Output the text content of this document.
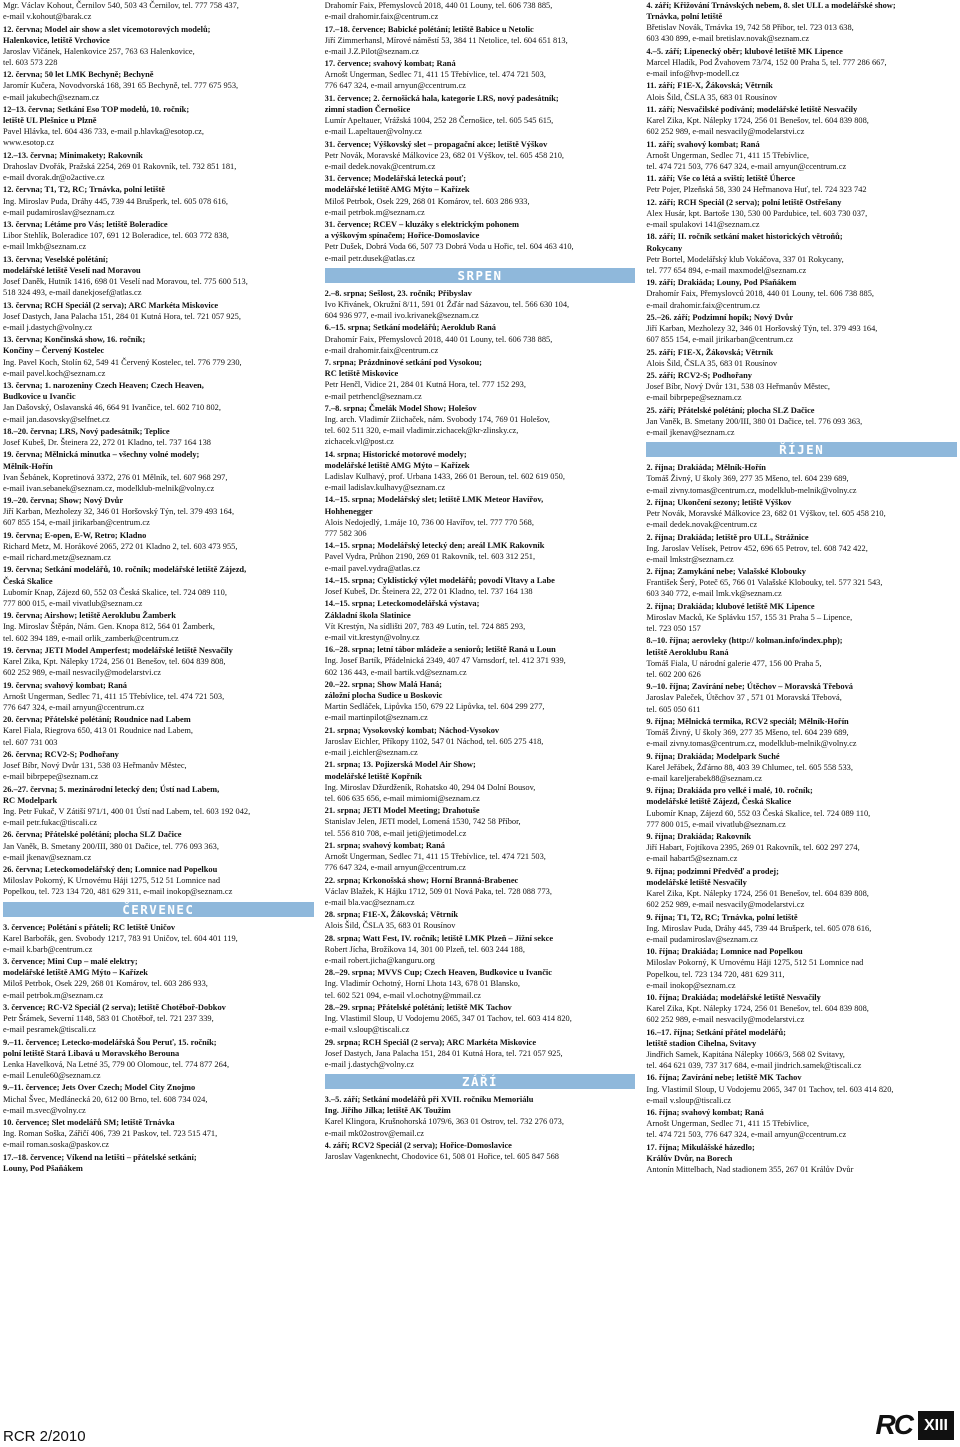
Mgr. Václav Kohout, Černilov 540, 503 43 Černilov, tel. 777 758 437,
e-mail v.kohout@barak.cz
12. června; Model air show a slet vícemotorových modelů;
Halenkovice, letiště Vrchovice
Jaroslav Vičánek, Halenkovice 257, 763 63 Halenkovice,
tel. 603 573 228
12. června; 50 let LMK Bechyně; Bechyně
Jaromír Kučera, Novodvorská 168, 391 65 Bechyně, tel. 777 675 953,
e-mail jakubech@seznam.cz
12–13. června; Setkání Eso TOP modelů, 10. ročník;
letiště UL Plešnice u Plzně
Pavel Hlávka, tel. 604 436 733, e-mail p.hlavka@esotop.cz,
www.esotop.cz
12.–13. června; Minimakety; Rakovník
Drahoslav Dvořák, Pražská 2254, 269 01 Rakovník, tel. 732 851 181,
e-mail dvorak.dr@o2active.cz
12. června; T1, T2, RC; Trnávka, polní letiště
Ing. Miroslav Puda, Dráhy 445, 739 44 Brušperk, tel. 605 078 616,
e-mail pudamiroslav@seznam.cz
13. června; Létáme pro Vás; letiště Boleradice
Libor Stehlík, Boleradice 107, 691 12 Boleradice, tel. 603 772 838,
e-mail lmkb@seznam.cz
13. června; Veselské polétání;
modelářské letiště Veselí nad Moravou
Josef Daněk, Hutník 1416, 698 01 Veselí nad Moravou, tel. 775 600 513,
518 324 493, e-mail danekjosef@atlas.cz
13. června; RCH Speciál (2 serva); ARC Markéta Miskovice
Josef Dastych, Jana Palacha 151, 284 01 Kutná Hora, tel. 721 057 925,
e-mail j.dastych@volny.cz
13. června; Končinská show, 16. ročník;
Končiny – Červený Kostelec
Ing. Pavel Koch, Stolín 62, 549 41 Červený Kostelec, tel. 776 779 230,
e-mail pavel.koch@seznam.cz
13. června; 1. narozeniny Czech Heaven; Czech Heaven,
Budkovice u Ivančic
Jan Dašovský, Oslavanská 46, 664 91 Ivančice, tel. 602 710 802,
e-mail jan.dasovsky@selfnet.cz
18.–20. června; LRS, Nový padesátník; Teplice
Josef Kubeš, Dr. Šteinera 22, 272 01 Kladno, tel. 737 164 138
19. června; Mělnická minutka – všechny volné modely;
Mělník-Hořín
Ivan Šebánek, Kopretinová 3372, 276 01 Mělník, tel. 607 968 297,
e-mail ivan.sebanek@seznam.cz, modelklub-melnik@volny.cz
19.–20. června; Show; Nový Dvůr
Jiří Karban, Mezholezy 32, 346 01 Horšovský Týn, tel. 379 493 164,
607 855 154, e-mail jirikarban@centrum.cz
19. června; E-open, E-W, Retro; Kladno
Richard Metz, M. Horákové 2065, 272 01 Kladno 2, tel. 603 473 955,
e-mail richard.metz@seznam.cz
19. června; Setkání modelářů, 10. ročník; modelářské letiště Zájezd,
Česká Skalice
Lubomír Knap, Zájezd 60, 552 03 Česká Skalice, tel. 724 089 110,
777 800 015, e-mail vivatlub@seznam.cz
19. června; Airshow; letiště Aeroklubu Žamberk
Ing. Miroslav Štěpán, Nám. Gen. Knopa 812, 564 01 Žamberk,
tel. 602 394 189, e-mail orlik_zamberk@centrum.cz
19. června; JETI Model Amperfest; modelářské letiště Nesvačily
Karel Zika, Kpt. Nálepky 1724, 256 01 Benešov, tel. 604 839 808,
602 252 989, e-mail nesvacily@modelarstvi.cz
19. června; svahový kombat; Raná
Arnošt Ungerman, Sedlec 71, 411 15 Třebívlice, tel. 474 721 503,
776 647 324, e-mail arnyun@ccentrum.cz
20. června; Přátelské polétání; Roudnice nad Labem
Karel Fiala, Riegrova 650, 413 01 Roudnice nad Labem,
tel. 607 731 003
26. června; RCV2-S; Podhořany
Josef Bíbr, Nový Dvůr 131, 538 03 Heřmanův Městec,
e-mail bibrpepe@seznam.cz
26.–27. června; 5. mezinárodní letecký den; Ústí nad Labem,
RC Modelpark
Ing. Petr Fukač, V Zátiší 971/1, 400 01 Ústí nad Labem, tel. 603 192 042,
e-mail petr.fukac@tiscali.cz
26. června; Přátelské polétání; plocha SLZ Dačice
Jan Vaněk, B. Smetany 200/III, 380 01 Dačice, tel. 776 093 363,
e-mail jkenav@seznam.cz
26. června; Leteckomodelářský den; Lomnice nad Popelkou
Miloslav Pokorný, K Urnovému Háji 1275, 512 51 Lomnice nad
Popelkou, tel. 723 134 720, 481 629 311, e-mail inokop@seznam.cz
ČERVENEC
3. července; Polétání s přáteli; RC letiště Uničov
Karel Barbořák, gen. Svobody 1217, 783 91 Uničov, tel. 604 401 119,
e-mail k.barb@centrum.cz
3. července; Mini Cup – malé elektry;
modelářské letiště AMG Mýto – Kařízek
Miloš Petrbok, Osek 229, 268 01 Komárov, tel. 603 286 933,
e-mail petrbok.m@seznam.cz
3. července; RC-V2 Speciál (2 serva); letiště Chotěboř-Dobkov
Petr Šrámek, Severní 1148, 583 01 Chotěboř, tel. 721 237 339,
e-mail pesramek@tiscali.cz
9.–11. července; Letecko-modelářská Šou Peruť, 15. ročník;
polní letiště Stará Libavá u Moravského Berouna
Lenka Havelková, Na Letné 35, 779 00 Olomouc, tel. 774 877 264,
e-mail Lenule60@seznam.cz
9.–11. července; Jets Over Czech; Model City Znojmo
Michal Švec, Medlánecká 20, 612 00 Brno, tel. 608 734 024,
e-mail m.svec@volny.cz
10. července; Slet modelářů SM; letiště Trnávka
Ing. Roman Soška, Zářičí 406, 739 21 Paskov, tel. 723 515 471,
e-mail roman.soska@paskov.cz
17.–18. července; Víkend na letišti – přátelské setkání;
Louny, Pod Pšaňákem
Drahomír Faix, Přemyslovců 2018, 440 01 Louny, tel. 606 738 885,
e-mail drahomir.faix@centrum.cz
17.–18. července; Babické polétání; letiště Babice u Netolic
Jiří Zimmerhansl, Mírové náměstí 53, 384 11 Netolice, tel. 604 651 813,
e-mail J.Z.Pilot@seznam.cz
17. července; svahový kombat; Raná
Arnošt Ungerman, Sedlec 71, 411 15 Třebívlice, tel. 474 721 503,
776 647 324, e-mail arnyun@ccentrum.cz
31. července; 2. černošická hala, kategorie LRS, nový padesátník;
zimní stadion Černošice
Lumír Apeltauer, Vrážská 1004, 252 28 Černošice, tel. 605 545 615,
e-mail L.apeltauer@volny.cz
31. července; Výškovský slet – propagační akce; letiště Výškov
Petr Novák, Moravské Málkovice 23, 682 01 Výškov, tel. 605 458 210,
e-mail dedek.novak@centrum.cz
31. července; Modelářská letecká pouť;
modelářské letiště AMG Mýto – Kařízek
Miloš Petrbok, Osek 229, 268 01 Komárov, tel. 603 286 933,
e-mail petrbok.m@seznam.cz
31. července; RCEV – kluzáky s elektrickým pohonem
a výškovým spínačem; Hořice-Domoslavice
Petr Dušek, Dobrá Voda 66, 507 73 Dobrá Voda u Hořic, tel. 604 463 410,
e-mail petr.dusek@atlas.cz
SRPEN
2.–8. srpna; Sešlost, 23. ročník; Přibyslav
Ivo Křivánek, Okružní 8/11, 591 01 Žďár nad Sázavou, tel. 566 630 104,
604 936 977, e-mail ivo.krivanek@seznam.cz
6.–15. srpna; Setkání modelářů; Aeroklub Raná
Drahomír Faix, Přemyslovců 2018, 440 01 Louny, tel. 606 738 885,
e-mail drahomir.faix@centrum.cz
7. srpna; Prázdninové setkání pod Vysokou;
RC letiště Miskovice
Petr Henčl, Vidice 21, 284 01 Kutná Hora, tel. 777 152 293,
e-mail petrhencl@seznam.cz
7.–8. srpna; Čmelák Model Show; Holešov
Ing. arch. Vladimír Ziichaček, nám. Svobody 174, 769 01 Holešov,
tel. 602 511 320, e-mail vladimir.zichacek@kr-zlinsky.cz,
zichacek.vl@post.cz
14. srpna; Historické motorové modely;
modelářské letiště AMG Mýto – Kařízek
Ladislav Kulhavý, prof. Urbana 1433, 266 01 Beroun, tel. 602 619 050,
e-mail ladislav.kulhavy@seznam.cz
14.–15. srpna; Modelářský slet; letiště LMK Meteor Havířov,
Hohhenegger
Alois Nedojedlý, 1.máje 10, 736 00 Havířov, tel. 777 770 568,
777 582 306
14.–15. srpna; Modelářský letecký den; areál LMK Rakovník
Pavel Vydra, Průhon 2190, 269 01 Rakovník, tel. 603 312 251,
e-mail pavel.vydra@atlas.cz
14.–15. srpna; Cyklistický výlet modelářů; povodí Vltavy a Labe
Josef Kubeš, Dr. Šteinera 22, 272 01 Kladno, tel. 737 164 138
14.–15. srpna; Leteckomodelářská výstava;
Základní škola Slatinice
Vít Krestýn, Na sídlišti 207, 783 49 Lutín, tel. 724 885 293,
e-mail vit.krestyn@volny.cz
16.–28. srpna; letní tábor mládeže a seniorů; letiště Raná u Loun
Ing. Josef Bartík, Přádelnická 2349, 407 47 Varnsdorf, tel. 412 371 939,
602 136 443, e-mail bartik.vd@seznam.cz
20.–22. srpna; Show Malá Haná;
záložní plocha Sudice u Boskovic
Martin Sedláček, Lipůvka 150, 679 22 Lipůvka, tel. 604 299 277,
e-mail martinpilot@seznam.cz
21. srpna; Vysokovský kombat; Náchod-Vysokov
Jaroslav Eichler, Příkopy 1102, 547 01 Náchod, tel. 605 275 418,
e-mail j.eichler@seznam.cz
21. srpna; 13. Pojizerská Model Air Show;
modelářské letiště Kopřník
Ing. Miroslav Džurdženík, Rohatsko 40, 294 04 Dolní Bousov,
tel. 606 635 656, e-mail mimiomi@seznam.cz
21. srpna; JETI Model Meeting; Drahotuše
Stanislav Jelen, JETI model, Lomená 1530, 742 58 Příbor,
tel. 556 810 708, e-mail jeti@jetimodel.cz
21. srpna; svahový kombat; Raná
Arnošt Ungerman, Sedlec 71, 411 15 Třebívlice, tel. 474 721 503,
776 647 324, e-mail arnyun@ccentrum.cz
22. srpna; Krkonošská show; Horní Branná-Brabenec
Václav Blažek, K Hájku 1712, 509 01 Nová Paka, tel. 728 088 773,
e-mail bla.vac@seznam.cz
28. srpna; F1E-X, Žákovská; Větrník
Alois Šild, ČSLA 35, 683 01 Rousínov
28. srpna; Watt Fest, IV. ročník; letiště LMK Plzeň – Jižní sekce
Robert Jícha, Brožíkova 14, 301 00 Plzeň, tel. 603 244 188,
e-mail robert.jicha@kanguru.org
28.–29. srpna; MVVS Cup; Czech Heaven, Budkovice u Ivančic
Ing. Vladimír Ochotný, Horní Lhota 143, 678 01 Blansko,
tel. 602 521 094, e-mail vl.ochotny@mmail.cz
28.–29. srpna; Přátelské polétání; letiště MK Tachov
Ing. Vlastimil Sloup, U Vodojemu 2065, 347 01 Tachov, tel. 603 414 820,
e-mail v.sloup@tiscali.cz
29. srpna; RCH Speciál (2 serva); ARC Markéta Miskovice
Josef Dastych, Jana Palacha 151, 284 01 Kutná Hora, tel. 721 057 925,
e-mail j.dastych@volny.cz
ZÁŘÍ
3.–5. září; Setkání modelářů při XVII. ročníku Memoriálu
Ing. Jiřího Jílka; letiště AK Toužim
Karel Klingora, Krušnohorská 1079/6, 363 01 Ostrov, tel. 732 276 073,
e-mail mk02ostrov@email.cz
4. září; RCV2 Speciál (2 serva); Hořice-Domoslavice
Jaroslav Vagenknecht, Chodovice 61, 508 01 Hořice, tel. 605 847 568
4. září; Křižování Trnávských nebem, 8. slet ULL a modelářské show;
Trnávka, polní letiště
Břetislav Novák, Trnávka 19, 742 58 Příbor, tel. 723 013 638,
603 430 899, e-mail bretislav.novak@seznam.cz
4.–5. září; Lipenecký oběr; klubové letiště MK Lipence
Marcel Hladík, Pod Žvahovem 73/74, 152 00 Praha 5, tel. 777 286 667,
e-mail info@hvp-modell.cz
11. září; F1E-X, Žákovská; Větrník
Alois Šild, ČSLA 35, 683 01 Rousínov
11. září; Nesvačilské podívání; modelářské letiště Nesvačily
Karel Zika, Kpt. Nálepky 1724, 256 01 Benešov, tel. 604 839 808,
602 252 989, e-mail nesvacily@modelarstvi.cz
11. září; svahový kombat; Raná
Arnošt Ungerman, Sedlec 71, 411 15 Třebívlice,
tel. 474 721 503, 776 647 324, e-mail arnyun@ccentrum.cz
11. září; Vše co létá a sviští; letiště Úherce
Petr Pojer, Plzeňská 58, 330 24 Heřmanova Huť, tel. 724 323 742
12. září; RCH Speciál (2 serva); polní letiště Ostřešany
Alex Husár, kpt. Bartoše 130, 530 00 Pardubice, tel. 603 730 037,
e-mail spulakovi 141@seznam.cz
18. září; II. ročník setkání maket historických větroňů;
Rokycany
Petr Bortel, Modelářský klub Vokáčova, 337 01 Rokycany,
tel. 777 654 894, e-mail maxmodel@seznam.cz
19. září; Drakiáda; Louny, Pod Pšaňákem
Drahomír Faix, Přemyslovců 2018, 440 01 Louny, tel. 606 738 885,
e-mail drahomir.faix@centrum.cz
25.–26. září; Podzimní hopík; Nový Dvůr
Jiří Karban, Mezholezy 32, 346 01 Horšovský Týn, tel. 379 493 164,
607 855 154, e-mail jirikarban@centrum.cz
25. září; F1E-X, Žákovská; Větrník
Alois Šild, ČSLA 35, 683 01 Rousínov
25. září; RCV2-S; Podhořany
Josef Bíbr, Nový Dvůr 131, 538 03 Heřmanův Městec,
e-mail bibrpepe@seznam.cz
25. září; Přátelské polétání; plocha SLZ Dačice
Jan Vaněk, B. Smetany 200/III, 380 01 Dačice, tel. 776 093 363,
e-mail jkenav@seznam.cz
ŘÍJEN
2. října; Drakiáda; Mělník-Hořín
Tomáš Živný, U školy 369, 277 35 Mšeno, tel. 604 239 689,
e-mail zivny.tomas@centrum.cz, modelklub-melnik@volny.cz
2. října; Ukončení sezony; letiště Výškov
Petr Novák, Moravské Málkovice 23, 682 01 Výškov, tel. 605 458 210,
e-mail dedek.novak@centrum.cz
2. října; Drakiáda; letiště pro ULL, Strážnice
Ing. Jaroslav Velísek, Petrov 452, 696 65 Petrov, tel. 608 742 422,
e-mail lmkstr@seznam.cz
2. října; Zamykání nebe; Valašské Klobouky
František Šerý, Poteč 65, 766 01 Valašské Klobouky, tel. 577 321 543,
603 340 772, e-mail lmk.vk@seznam.cz
2. října; Drakiáda; klubové letiště MK Lipence
Miroslav Macků, Ke Splávku 157, 155 31 Praha 5 – Lipence,
tel. 723 050 157
8.–10. října; aerovleky (http:// kolman.info/index.php);
letiště Aeroklubu Raná
Tomáš Fiala, U národní galerie 477, 156 00 Praha 5,
tel. 602 200 626
9.–10. října; Zavírání nebe; Útěchov – Moravská Třebová
Jaroslav Paleček, Útěchov 37 , 571 01 Moravská Třebová,
tel. 605 050 611
9. října; Mělnická termika, RCV2 speciál; Mělník-Hořín
Tomáš Živný, U školy 369, 277 35 Mšeno, tel. 604 239 689,
e-mail zivny.tomas@centrum.cz, modelklub-melnik@volny.cz
9. října; Drakiáda; Modelpark Suché
Karel Jeřábek, Žďárno 88, 403 39 Chlumec, tel. 605 558 533,
e-mail kareljerabek88@seznam.cz
9. října; Drakiáda pro velké i malé, 10. ročník;
modelářské letiště Zájezd, Česká Skalice
Lubomír Knap, Zájezd 60, 552 03 Česká Skalice, tel. 724 089 110,
777 800 015, e-mail vivatlub@seznam.cz
9. října; Drakiáda; Rakovník
Jiří Habart, Fojtíkova 2395, 269 01 Rakovník, tel. 602 297 274,
e-mail habart5@seznam.cz
9. října; podzimní Předvěď a prodej;
modelářské letiště Nesvačily
Karel Zika, Kpt. Nálepky 1724, 256 01 Benešov, tel. 604 839 808,
602 252 989, e-mail nesvacily@modelarstvi.cz
9. října; T1, T2, RC; Trnávka, polní letiště
Ing. Miroslav Puda, Dráhy 445, 739 44 Brušperk, tel. 605 078 616,
e-mail pudamiroslav@seznam.cz
10. října; Drakiáda; Lomnice nad Popelkou
Miloslav Pokorný, K Urnovému Háji 1275, 512 51 Lomnice nad
Popelkou, tel. 723 134 720, 481 629 311,
e-mail inokop@seznam.cz
10. října; Drakiáda; modelářské letiště Nesvačily
Karel Zika, Kpt. Nálepky 1724, 256 01 Benešov, tel. 604 839 808,
602 252 989, e-mail nesvacily@modelarstvi.cz
16.–17. října; Setkání přátel modelářů;
letiště stadion Cihelna, Svitavy
Jindřich Samek, Kapitána Nálepky 1066/3, 568 02 Svitavy,
tel. 464 621 039, 737 317 684, e-mail jindrich.samek@tiscali.cz
16. října; Zavírání nebe; letiště MK Tachov
Ing. Vlastimil Sloup, U Vodojemu 2065, 347 01 Tachov, tel. 603 414 820,
e-mail v.sloup@tiscali.cz
16. října; svahový kombat; Raná
Arnošt Ungerman, Sedlec 71, 411 15 Třebívlice,
tel. 474 721 503, 776 647 324, e-mail arnyun@ccentrum.cz
17. října; Mikulášské házedlo;
Králův Dvůr, na Borech
Antonín Mittelbach, Nad stadionem 355, 267 01 Králův Dvůr
RCR 2/2010	RC XIII
